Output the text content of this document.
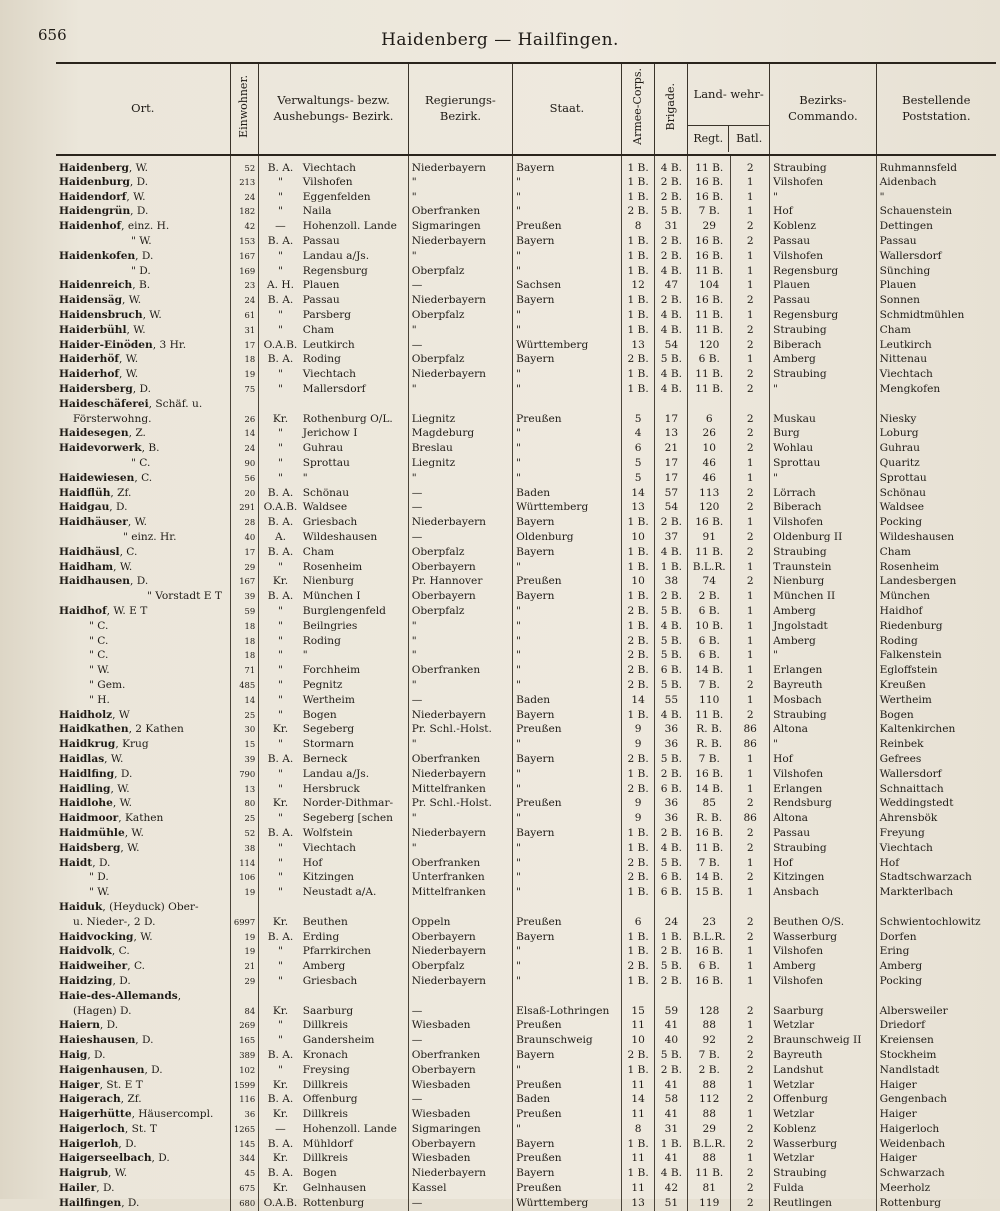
656	Haidenberg — Hailfingen.
Ort.	Einwohner.	Verwaltungs- bezw. Aushebungs- Bezirk.		Regierungs- Bezirk.	Staat.	Armee-Corps.	Brigade.	Land- wehr-
Regt. Batl.		Bezirks- Commando.	Bestellende Poststation.
Haidenberg, W.	52	B. A.	Viechtach	Niederbayern	Bayern	1 B.	4 B.	11 B.	2	Straubing	Ruhmannsfeld
Haidenburg, D.	213	"	Vilshofen	"	"	1 B.	2 B.	16 B.	1	Vilshofen	Aidenbach
Haidendorf, W.	24	"	Eggenfelden	"	"	1 B.	2 B.	16 B.	1	"	"
Haidengrün, D.	182	"	Naila	Oberfranken	"	2 B.	5 B.	7 B.	1	Hof	Schauenstein
Haidenhof, einz. H.	42	—	Hohenzoll. Lande	Sigmaringen	Preußen	8	31	29	2	Koblenz	Dettingen
" W.	153	B. A.	Passau	Niederbayern	Bayern	1 B.	2 B.	16 B.	2	Passau	Passau
Haidenkofen, D.	167	"	Landau a/Js.	"	"	1 B.	2 B.	16 B.	1	Vilshofen	Wallersdorf
" D.	169	"	Regensburg	Oberpfalz	"	1 B.	4 B.	11 B.	1	Regensburg	Sünching
Haidenreich, B.	23	A. H.	Plauen	—	Sachsen	12	47	104	1	Plauen	Plauen
Haidensäg, W.	24	B. A.	Passau	Niederbayern	Bayern	1 B.	2 B.	16 B.	2	Passau	Sonnen
Haidensbruch, W.	61	"	Parsberg	Oberpfalz	"	1 B.	4 B.	11 B.	1	Regensburg	Schmidtmühlen
Haiderbühl, W.	31	"	Cham	"	"	1 B.	4 B.	11 B.	2	Straubing	Cham
Haider-Einöden, 3 Hr.	17	O.A.B.	Leutkirch	—	Württemberg	13	54	120	2	Biberach	Leutkirch
Haiderhöf, W.	18	B. A.	Roding	Oberpfalz	Bayern	2 B.	5 B.	6 B.	1	Amberg	Nittenau
Haiderhof, W.	19	"	Viechtach	Niederbayern	"	1 B.	4 B.	11 B.	2	Straubing	Viechtach
Haidersberg, D.	75	"	Mallersdorf	"	"	1 B.	4 B.	11 B.	2	"	Mengkofen
Haideschäferei, Schäf. u.											
Försterwohng.	26	Kr.	Rothenburg O/L.	Liegnitz	Preußen	5	17	6	2	Muskau	Niesky
Haidesegen, Z.	14	"	Jerichow I	Magdeburg	"	4	13	26	2	Burg	Loburg
Haidevorwerk, B.	24	"	Guhrau	Breslau	"	6	21	10	2	Wohlau	Guhrau
" C.	90	"	Sprottau	Liegnitz	"	5	17	46	1	Sprottau	Quaritz
Haidewiesen, C.	56	"	"	"	"	5	17	46	1	"	Sprottau
Haidflüh, Zf.	20	B. A.	Schönau	—	Baden	14	57	113	2	Lörrach	Schönau
Haidgau, D.	291	O.A.B.	Waldsee	—	Württemberg	13	54	120	2	Biberach	Waldsee
Haidhäuser, W.	28	B. A.	Griesbach	Niederbayern	Bayern	1 B.	2 B.	16 B.	1	Vilshofen	Pocking
" einz. Hr.	40	A.	Wildeshausen	—	Oldenburg	10	37	91	2	Oldenburg II	Wildeshausen
Haidhäusl, C.	17	B. A.	Cham	Oberpfalz	Bayern	1 B.	4 B.	11 B.	2	Straubing	Cham
Haidham, W.	29	"	Rosenheim	Oberbayern	"	1 B.	1 B.	B.L.R.	1	Traunstein	Rosenheim
Haidhausen, D.	167	Kr.	Nienburg	Pr. Hannover	Preußen	10	38	74	2	Nienburg	Landesbergen
" Vorstadt E T	39	B. A.	München I	Oberbayern	Bayern	1 B.	2 B.	2 B.	1	München II	München
Haidhof, W. E T	59	"	Burglengenfeld	Oberpfalz	"	2 B.	5 B.	6 B.	1	Amberg	Haidhof
" C.	18	"	Beilngries	"	"	1 B.	4 B.	10 B.	1	Jngolstadt	Riedenburg
" C.	18	"	Roding	"	"	2 B.	5 B.	6 B.	1	Amberg	Roding
" C.	18	"	"	"	"	2 B.	5 B.	6 B.	1	"	Falkenstein
" W.	71	"	Forchheim	Oberfranken	"	2 B.	6 B.	14 B.	1	Erlangen	Egloffstein
" Gem.	485	"	Pegnitz	"	"	2 B.	5 B.	7 B.	2	Bayreuth	Kreußen
" H.	14	"	Wertheim	—	Baden	14	55	110	1	Mosbach	Wertheim
Haidholz, W	25	"	Bogen	Niederbayern	Bayern	1 B.	4 B.	11 B.	2	Straubing	Bogen
Haidkathen, 2 Kathen	30	Kr.	Segeberg	Pr. Schl.-Holst.	Preußen	9	36	R. B.	86	Altona	Kaltenkirchen
Haidkrug, Krug	15	"	Stormarn	"	"	9	36	R. B.	86	"	Reinbek
Haidlas, W.	39	B. A.	Berneck	Oberfranken	Bayern	2 B.	5 B.	7 B.	1	Hof	Gefrees
Haidlfing, D.	790	"	Landau a/Js.	Niederbayern	"	1 B.	2 B.	16 B.	1	Vilshofen	Wallersdorf
Haidling, W.	13	"	Hersbruck	Mittelfranken	"	2 B.	6 B.	14 B.	1	Erlangen	Schnaittach
Haidlohe, W.	80	Kr.	Norder-Dithmar-	Pr. Schl.-Holst.	Preußen	9	36	85	2	Rendsburg	Weddingstedt
Haidmoor, Kathen	25	"	Segeberg [schen	"	"	9	36	R. B.	86	Altona	Ahrensbök
Haidmühle, W.	52	B. A.	Wolfstein	Niederbayern	Bayern	1 B.	2 B.	16 B.	2	Passau	Freyung
Haidsberg, W.	38	"	Viechtach	"	"	1 B.	4 B.	11 B.	2	Straubing	Viechtach
Haidt, D.	114	"	Hof	Oberfranken	"	2 B.	5 B.	7 B.	1	Hof	Hof
" D.	106	"	Kitzingen	Unterfranken	"	2 B.	6 B.	14 B.	2	Kitzingen	Stadtschwarzach
" W.	19	"	Neustadt a/A.	Mittelfranken	"	1 B.	6 B.	15 B.	1	Ansbach	Markterlbach
Haiduk, (Heyduck) Ober-											
u. Nieder-, 2 D.	6997	Kr.	Beuthen	Oppeln	Preußen	6	24	23	2	Beuthen O/S.	Schwientochlowitz
Haidvocking, W.	19	B. A.	Erding	Oberbayern	Bayern	1 B.	1 B.	B.L.R.	2	Wasserburg	Dorfen
Haidvolk, C.	19	"	Pfarrkirchen	Niederbayern	"	1 B.	2 B.	16 B.	1	Vilshofen	Ering
Haidweiher, C.	21	"	Amberg	Oberpfalz	"	2 B.	5 B.	6 B.	1	Amberg	Amberg
Haidzing, D.	29	"	Griesbach	Niederbayern	"	1 B.	2 B.	16 B.	1	Vilshofen	Pocking
Haie-des-Allemands,											
(Hagen) D.	84	Kr.	Saarburg	—	Elsaß-Lothringen	15	59	128	2	Saarburg	Albersweiler
Haiern, D.	269	"	Dillkreis	Wiesbaden	Preußen	11	41	88	1	Wetzlar	Driedorf
Haieshausen, D.	165	"	Gandersheim	—	Braunschweig	10	40	92	2	Braunschweig II	Kreiensen
Haig, D.	389	B. A.	Kronach	Oberfranken	Bayern	2 B.	5 B.	7 B.	2	Bayreuth	Stockheim
Haigenhausen, D.	102	"	Freysing	Oberbayern	"	1 B.	2 B.	2 B.	2	Landshut	Nandlstadt
Haiger, St. E T	1599	Kr.	Dillkreis	Wiesbaden	Preußen	11	41	88	1	Wetzlar	Haiger
Haigerach, Zf.	116	B. A.	Offenburg	—	Baden	14	58	112	2	Offenburg	Gengenbach
Haigerhütte, Häusercompl.	36	Kr.	Dillkreis	Wiesbaden	Preußen	11	41	88	1	Wetzlar	Haiger
Haigerloch, St. T	1265	—	Hohenzoll. Lande	Sigmaringen	"	8	31	29	2	Koblenz	Haigerloch
Haigerloh, D.	145	B. A.	Mühldorf	Oberbayern	Bayern	1 B.	1 B.	B.L.R.	2	Wasserburg	Weidenbach
Haigerseelbach, D.	344	Kr.	Dillkreis	Wiesbaden	Preußen	11	41	88	1	Wetzlar	Haiger
Haigrub, W.	45	B. A.	Bogen	Niederbayern	Bayern	1 B.	4 B.	11 B.	2	Straubing	Schwarzach
Hailer, D.	675	Kr.	Gelnhausen	Kassel	Preußen	11	42	81	2	Fulda	Meerholz
Hailfingen, D.	680	O.A.B.	Rottenburg	—	Württemberg	13	51	119	2	Reutlingen	Rottenburg
